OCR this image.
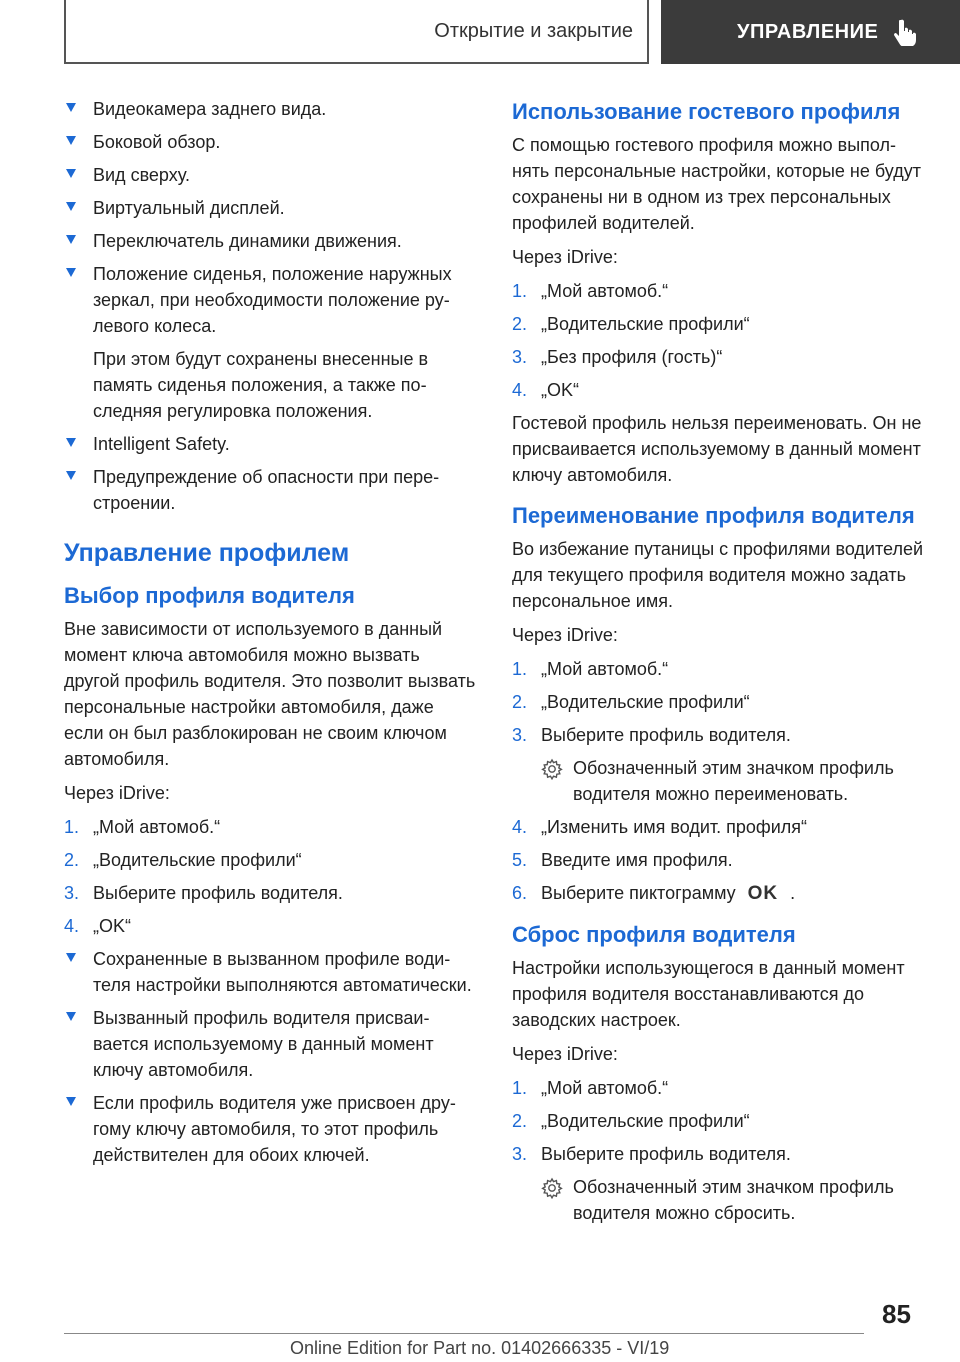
Открытие и закрытие	УПРАВЛЕНИЕ
Видеокамера заднего вида.
Боковой обзор.
Вид сверху.
Виртуальный дисплей.
Переключатель динамики движения.
Положение сиденья, положение наружных зеркал, при необходимости положение рулевого колеса.
При этом будут сохранены внесенные в память сиденья положения, а также последняя регулировка положения.
Intelligent Safety.
Предупреждение об опасности при перестроении.
Управление профилем
Выбор профиля водителя
Вне зависимости от используемого в данный момент ключа автомобиля можно вызвать другой профиль водителя. Это позволит вызвать персональные настройки автомобиля, даже если он был разблокирован не своим ключом автомобиля.
Через iDrive:
1. „Мой автомоб.“
2. „Водительские профили“
3. Выберите профиль водителя.
4. „OK“
Сохраненные в вызванном профиле водителя настройки выполняются автоматически.
Вызванный профиль водителя присваивается используемому в данный момент ключу автомобиля.
Если профиль водителя уже присвоен другому ключу автомобиля, то этот профиль действителен для обоих ключей.
Использование гостевого профиля
С помощью гостевого профиля можно выполнять персональные настройки, которые не будут сохранены ни в одном из трех персональных профилей водителей.
Через iDrive:
1. „Мой автомоб.“
2. „Водительские профили“
3. „Без профиля (гость)“
4. „OK“
Гостевой профиль нельзя переименовать. Он не присваивается используемому в данный момент ключу автомобиля.
Переименование профиля водителя
Во избежание путаницы с профилями водителей для текущего профиля водителя можно задать персональное имя.
Через iDrive:
1. „Мой автомоб.“
2. „Водительские профили“
3. Выберите профиль водителя.
Обозначенный этим значком профиль водителя можно переименовать.
4. „Изменить имя водит. профиля“
5. Введите имя профиля.
6. Выберите пиктограмму OK .
Сброс профиля водителя
Настройки использующегося в данный момент профиля водителя восстанавливаются до заводских настроек.
Через iDrive:
1. „Мой автомоб.“
2. „Водительские профили“
3. Выберите профиль водителя.
Обозначенный этим значком профиль водителя можно сбросить.
85
Online Edition for Part no. 01402666335 - VI/19
